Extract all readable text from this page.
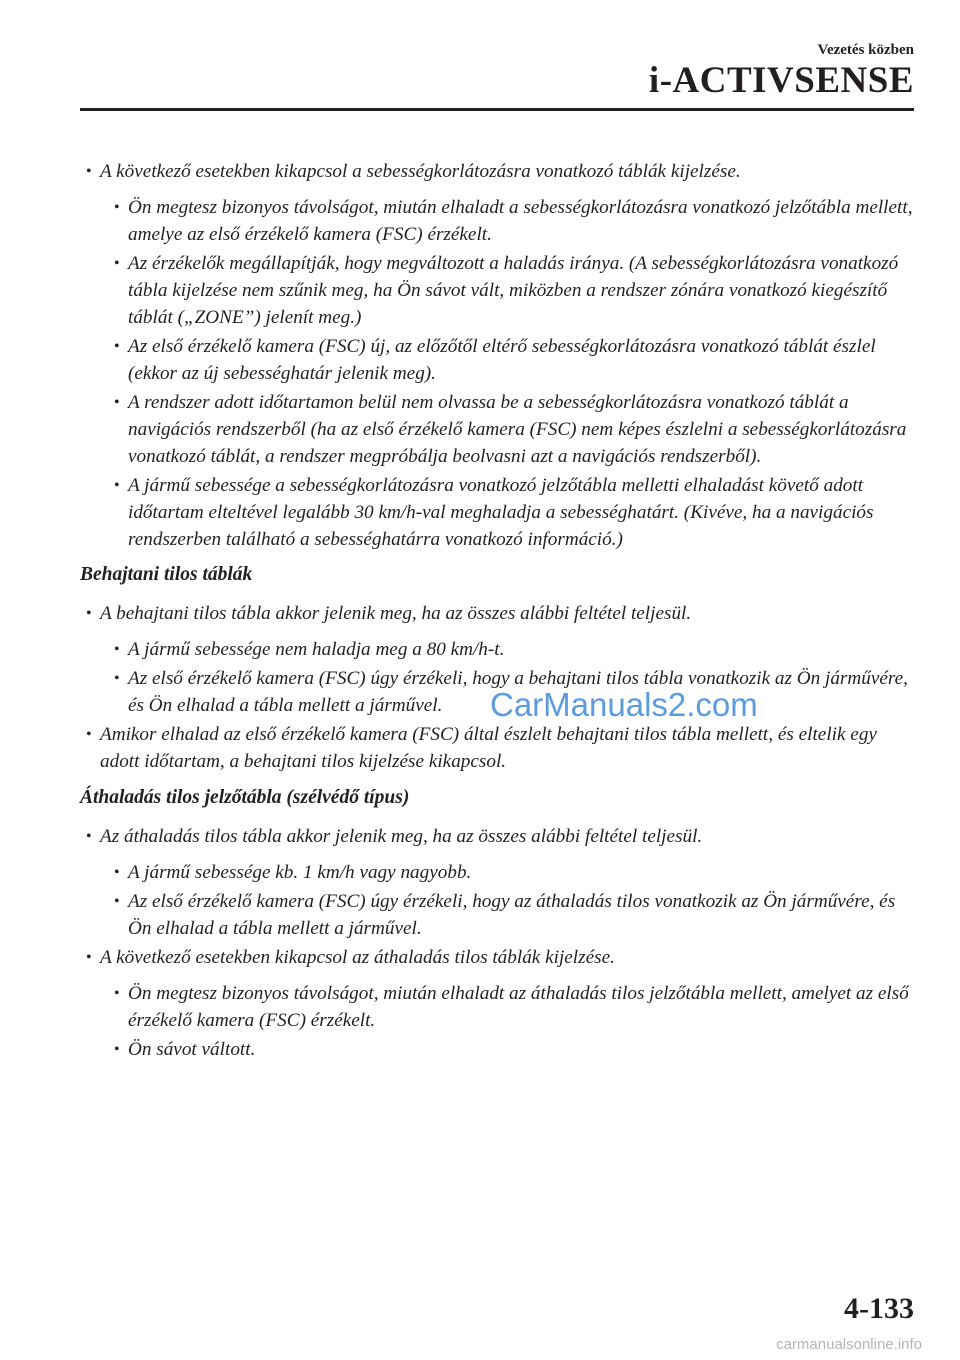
Vezetés közben
i-ACTIVSENSE
• A következő esetekben kikapcsol a sebességkorlátozásra vonatkozó táblák kijelzése.
• Ön megtesz bizonyos távolságot, miután elhaladt a sebességkorlátozásra vonatkozó jelzőtábla mellett, amelye az első érzékelő kamera (FSC) érzékelt.
• Az érzékelők megállapítják, hogy megváltozott a haladás iránya. (A sebességkorlátozásra vonatkozó tábla kijelzése nem szűnik meg, ha Ön sávot vált, miközben a rendszer zónára vonatkozó kiegészítő táblát („ZONE”) jelenít meg.)
• Az első érzékelő kamera (FSC) új, az előzőtől eltérő sebességkorlátozásra vonatkozó táblát észlel (ekkor az új sebességhatár jelenik meg).
• A rendszer adott időtartamon belül nem olvassa be a sebességkorlátozásra vonatkozó táblát a navigációs rendszerből (ha az első érzékelő kamera (FSC) nem képes észlelni a sebességkorlátozásra vonatkozó táblát, a rendszer megpróbálja beolvasni azt a navigációs rendszerből).
• A jármű sebessége a sebességkorlátozásra vonatkozó jelzőtábla melletti elhaladást követő adott időtartam elteltével legalább 30 km/h-val meghaladja a sebességhatárt. (Kivéve, ha a navigációs rendszerben található a sebességhatárra vonatkozó információ.)
Behajtani tilos táblák
• A behajtani tilos tábla akkor jelenik meg, ha az összes alábbi feltétel teljesül.
• A jármű sebessége nem haladja meg a 80 km/h-t.
• Az első érzékelő kamera (FSC) úgy érzékeli, hogy a behajtani tilos tábla vonatkozik az Ön járművére, és Ön elhalad a tábla mellett a járművel.
• Amikor elhalad az első érzékelő kamera (FSC) által észlelt behajtani tilos tábla mellett, és eltelik egy adott időtartam, a behajtani tilos kijelzése kikapcsol.
Áthaladás tilos jelzőtábla (szélvédő típus)
• Az áthaladás tilos tábla akkor jelenik meg, ha az összes alábbi feltétel teljesül.
• A jármű sebessége kb. 1 km/h vagy nagyobb.
• Az első érzékelő kamera (FSC) úgy érzékeli, hogy az áthaladás tilos vonatkozik az Ön járművére, és Ön elhalad a tábla mellett a járművel.
• A következő esetekben kikapcsol az áthaladás tilos táblák kijelzése.
• Ön megtesz bizonyos távolságot, miután elhaladt az áthaladás tilos jelzőtábla mellett, amelyet az első érzékelő kamera (FSC) érzékelt.
• Ön sávot váltott.
CarManuals2.com
4-133
carmanualsonline.info
